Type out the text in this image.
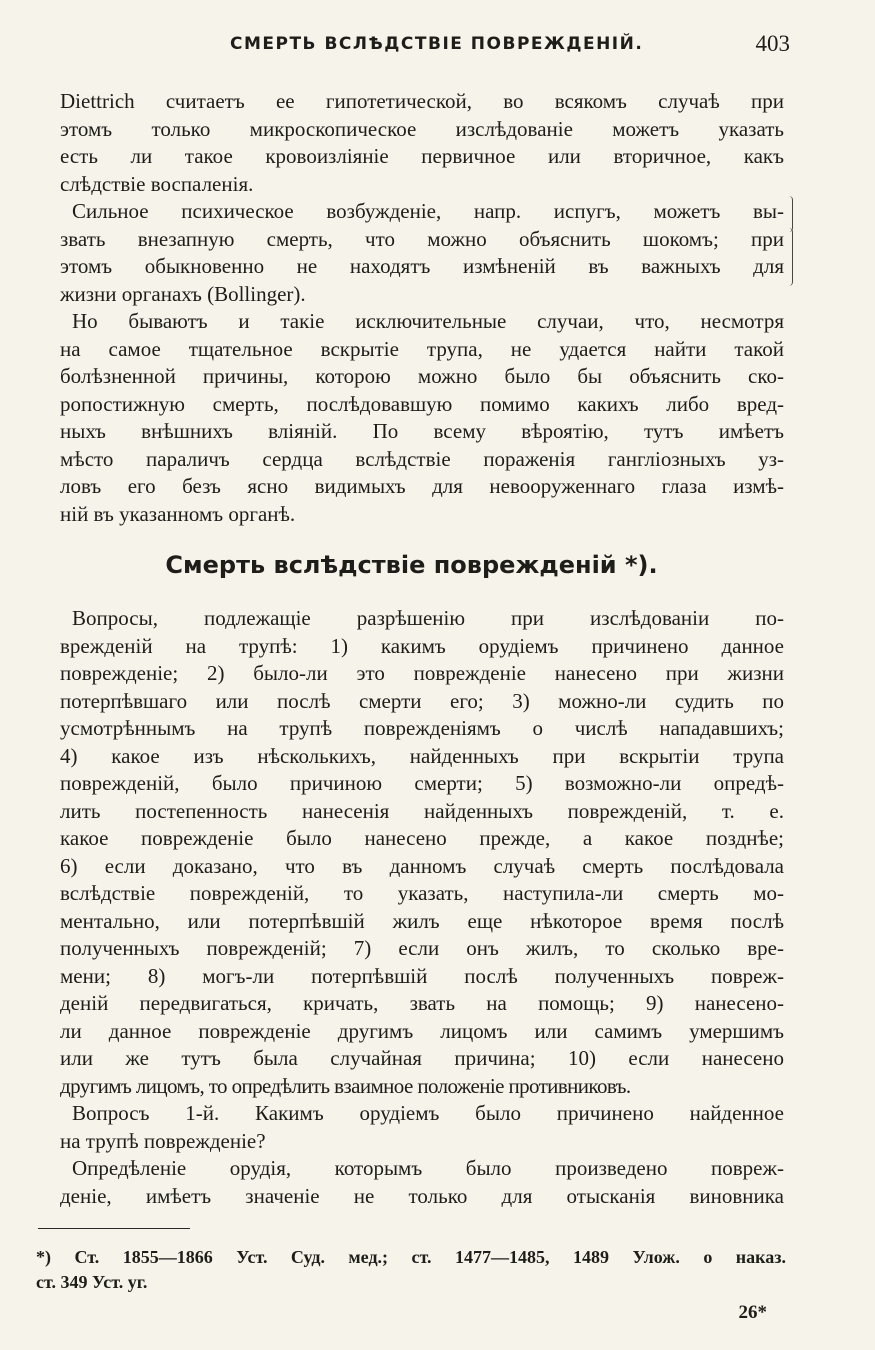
СМЕРТЬ ВСЛѢДСТВІЕ ПОВРЕЖДЕНІЙ.	403
Diettrich считаетъ ее гипотетической, во всякомъ случаѣ при
этомъ только микроскопическое изслѣдованіе можетъ указать
есть ли такое кровоизліяніе первичное или вторичное, какъ
слѣдствіе воспаленія.
Сильное психическое возбужденіе, напр. испугъ, можетъ вы-
звать внезапную смерть, что можно объяснить шокомъ; при
этомъ обыкновенно не находятъ измѣненій въ важныхъ для
жизни органахъ (Bollinger).
Но бываютъ и такіе исключительные случаи, что, несмотря
на самое тщательное вскрытіе трупа, не удается найти такой
болѣзненной причины, которою можно было бы объяснить ско-
ропостижную смерть, послѣдовавшую помимо какихъ либо вред-
ныхъ внѣшнихъ вліяній. По всему вѣроятію, тутъ имѣетъ
мѣсто параличъ сердца вслѣдствіе пораженія гангліозныхъ уз-
ловъ его безъ ясно видимыхъ для невооруженнаго глаза измѣ-
ній въ указанномъ органѣ.
Смерть вслѣдствіе поврежденій *).
Вопросы, подлежащіе разрѣшенію при изслѣдованіи по-
врежденій на трупѣ: 1) какимъ орудіемъ причинено данное
поврежденіе; 2) было-ли это поврежденіе нанесено при жизни
потерпѣвшаго или послѣ смерти его; 3) можно-ли судить по
усмотрѣннымъ на трупѣ поврежденіямъ о числѣ нападавшихъ;
4) какое изъ нѣсколькихъ, найденныхъ при вскрытіи трупа
поврежденій, было причиною смерти; 5) возможно-ли опредѣ-
лить постепенность нанесенія найденныхъ поврежденій, т. е.
какое поврежденіе было нанесено прежде, а какое позднѣе;
6) если доказано, что въ данномъ случаѣ смерть послѣдовала
вслѣдствіе поврежденій, то указать, наступила-ли смерть мо-
ментально, или потерпѣвшій жилъ еще нѣкоторое время послѣ
полученныхъ поврежденій; 7) если онъ жилъ, то сколько вре-
мени; 8) могъ-ли потерпѣвшій послѣ полученныхъ повреж-
деній передвигаться, кричать, звать на помощь; 9) нанесено-
ли данное поврежденіе другимъ лицомъ или самимъ умершимъ
или же тутъ была случайная причина; 10) если нанесено
другимъ лицомъ, то опредѣлить взаимное положеніе противниковъ.
Вопросъ 1-й. Какимъ орудіемъ было причинено найденное
на трупѣ поврежденіе?
Опредѣленіе орудія, которымъ было произведено повреж-
деніе, имѣетъ значеніе не только для отысканія виновника
*) Ст. 1855—1866 Уст. Суд. мед.; ст. 1477—1485, 1489 Улож. о наказ.
ст. 349 Уст. уг.
26*
